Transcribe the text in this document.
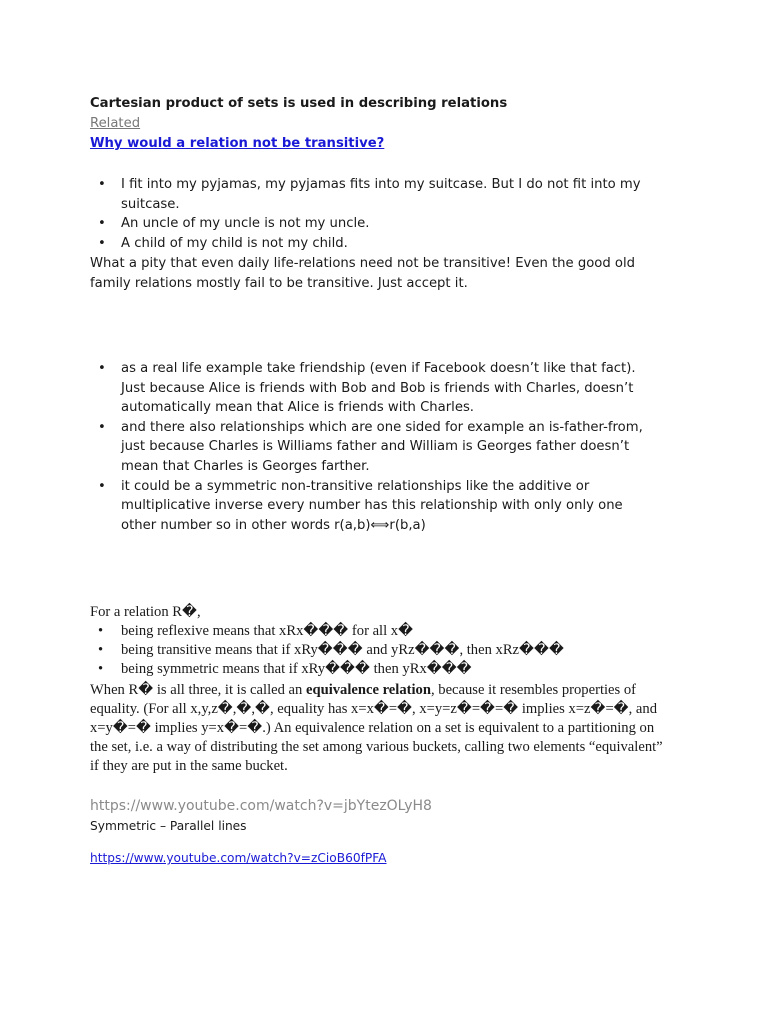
Cartesian product of sets is used in describing relations

Related

Why would a relation not be transitive?

• I fit into my pyjamas, my pyjamas fits into my suitcase. But I do not fit into my suitcase.
• An uncle of my uncle is not my uncle.
• A child of my child is not my child.

What a pity that even daily life-relations need not be transitive! Even the good old family relations mostly fail to be transitive. Just accept it.

• as a real life example take friendship (even if Facebook doesn’t like that fact). Just because Alice is friends with Bob and Bob is friends with Charles, doesn’t automatically mean that Alice is friends with Charles.
• and there also relationships which are one sided for example an is-father-from, just because Charles is Williams father and William is Georges father doesn’t mean that Charles is Georges farther.
• it could be a symmetric non-transitive relationships like the additive or multiplicative inverse every number has this relationship with only only one other number so in other words r(a,b)⟺r(b,a)

For a relation R�,

• being reflexive means that xRx��� for all x�
• being transitive means that if xRy��� and yRz���, then xRz���
• being symmetric means that if xRy��� then yRx���

When R� is all three, it is called an equivalence relation, because it resembles properties of equality. (For all x,y,z�,�,�, equality has x=x�=�, x=y=z�=�=� implies x=z�=�, and x=y�=� implies y=x�=�.) An equivalence relation on a set is equivalent to a partitioning on the set, i.e. a way of distributing the set among various buckets, calling two elements “equivalent” if they are put in the same bucket.

https://www.youtube.com/watch?v=jbYtezOLyH8

Symmetric – Parallel lines

https://www.youtube.com/watch?v=zCioB60fPFA
